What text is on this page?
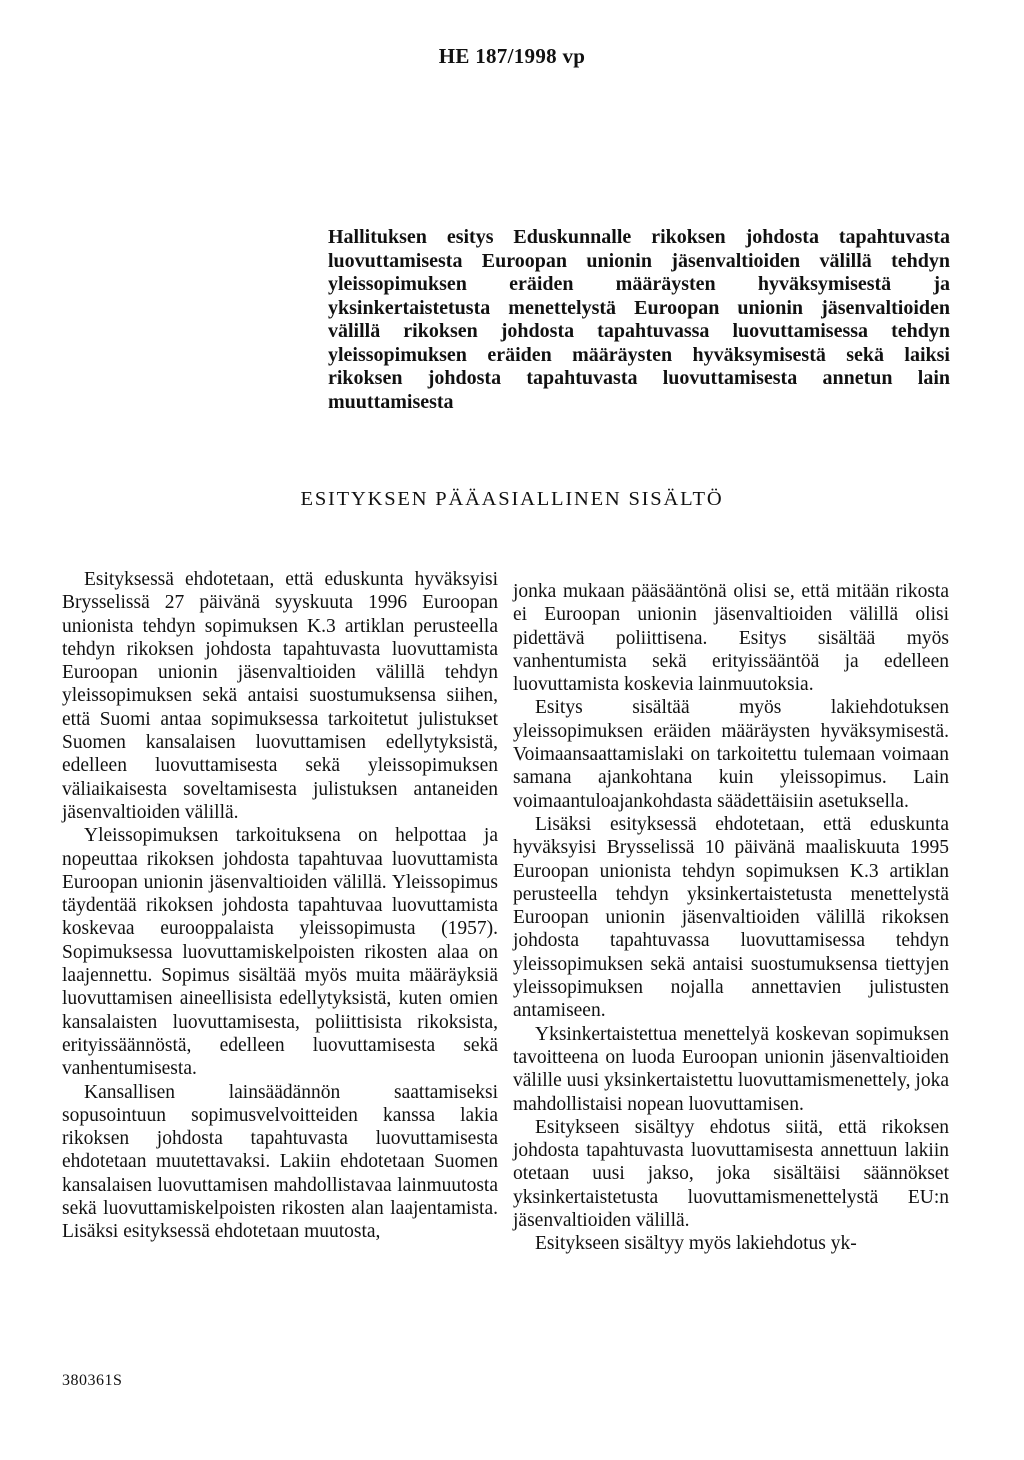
HE 187/1998 vp
Hallituksen esitys Eduskunnalle rikoksen johdosta tapahtuvasta luovuttamisesta Euroopan unionin jäsenvaltioiden välillä tehdyn yleissopimuksen eräiden määräysten hyväksymisestä ja yksinkertaistetusta menettelystä Euroopan unionin jäsenvaltioiden välillä rikoksen johdosta tapahtuvassa luovuttamisessa tehdyn yleissopimuksen eräiden määräysten hyväksymisestä sekä laiksi rikoksen johdosta tapahtuvasta luovuttamisesta annetun lain muuttamisesta
ESITYKSEN PÄÄASIALLINEN SISÄLTÖ

Esityksessä ehdotetaan, että eduskunta hyväksyisi Brysselissä 27 päivänä syyskuuta 1996 Euroopan unionista tehdyn sopimuksen K.3 artiklan perusteella tehdyn rikoksen johdosta tapahtuvasta luovuttamista Euroopan unionin jäsenvaltioiden välillä tehdyn yleissopimuksen sekä antaisi suostumuksensa siihen, että Suomi antaa sopimuksessa tarkoitetut julistukset Suomen kansalaisen luovuttamisen edellytyksistä, edelleen luovuttamisesta sekä yleissopimuksen väliaikaisesta soveltamisesta julistuksen antaneiden jäsenvaltioiden välillä.

Yleissopimuksen tarkoituksena on helpottaa ja nopeuttaa rikoksen johdosta tapahtuvaa luovuttamista Euroopan unionin jäsenvaltioiden välillä. Yleissopimus täydentää rikoksen johdosta tapahtuvaa luovuttamista koskevaa eurooppalaista yleissopimusta (1957). Sopimuksessa luovuttamiskelpoisten rikosten alaa on laajennettu. Sopimus sisältää myös muita määräyksiä luovuttamisen aineellisista edellytyksistä, kuten omien kansalaisten luovuttamisesta, poliittisista rikoksista, erityissäännöstä, edelleen luovuttamisesta sekä vanhentumisesta.

Kansallisen lainsäädännön saattamiseksi sopusointuun sopimusvelvoitteiden kanssa lakia rikoksen johdosta tapahtuvasta luovuttamisesta ehdotetaan muutettavaksi. Lakiin ehdotetaan Suomen kansalaisen luovuttamisen mahdollistavaa lainmuutosta sekä luovuttamiskelpoisten rikosten alan laajentamista. Lisäksi esityksessä ehdotetaan muutosta,

jonka mukaan pääsääntönä olisi se, että mitään rikosta ei Euroopan unionin jäsenvaltioiden välillä olisi pidettävä poliittisena. Esitys sisältää myös vanhentumista sekä erityissääntöä ja edelleen luovuttamista koskevia lainmuutoksia.

Esitys sisältää myös lakiehdotuksen yleissopimuksen eräiden määräysten hyväksymisestä. Voimaansaattamislaki on tarkoitettu tulemaan voimaan samana ajankohtana kuin yleissopimus. Lain voimaantuloajankohdasta säädettäisiin asetuksella.

Lisäksi esityksessä ehdotetaan, että eduskunta hyväksyisi Brysselissä 10 päivänä maaliskuuta 1995 Euroopan unionista tehdyn sopimuksen K.3 artiklan perusteella tehdyn yksinkertaistetusta menettelystä Euroopan unionin jäsenvaltioiden välillä rikoksen johdosta tapahtuvassa luovuttamisessa tehdyn yleissopimuksen sekä antaisi suostumuksensa tiettyjen yleissopimuksen nojalla annettavien julistusten antamiseen.

Yksinkertaistettua menettelyä koskevan sopimuksen tavoitteena on luoda Euroopan unionin jäsenvaltioiden välille uusi yksinkertaistettu luovuttamismenettely, joka mahdollistaisi nopean luovuttamisen.

Esitykseen sisältyy ehdotus siitä, että rikoksen johdosta tapahtuvasta luovuttamisesta annettuun lakiin otetaan uusi jakso, joka sisältäisi säännökset yksinkertaistetusta luovuttamismenettelystä EU:n jäsenvaltioiden välillä.

Esitykseen sisältyy myös lakiehdotus yk-

380361S
